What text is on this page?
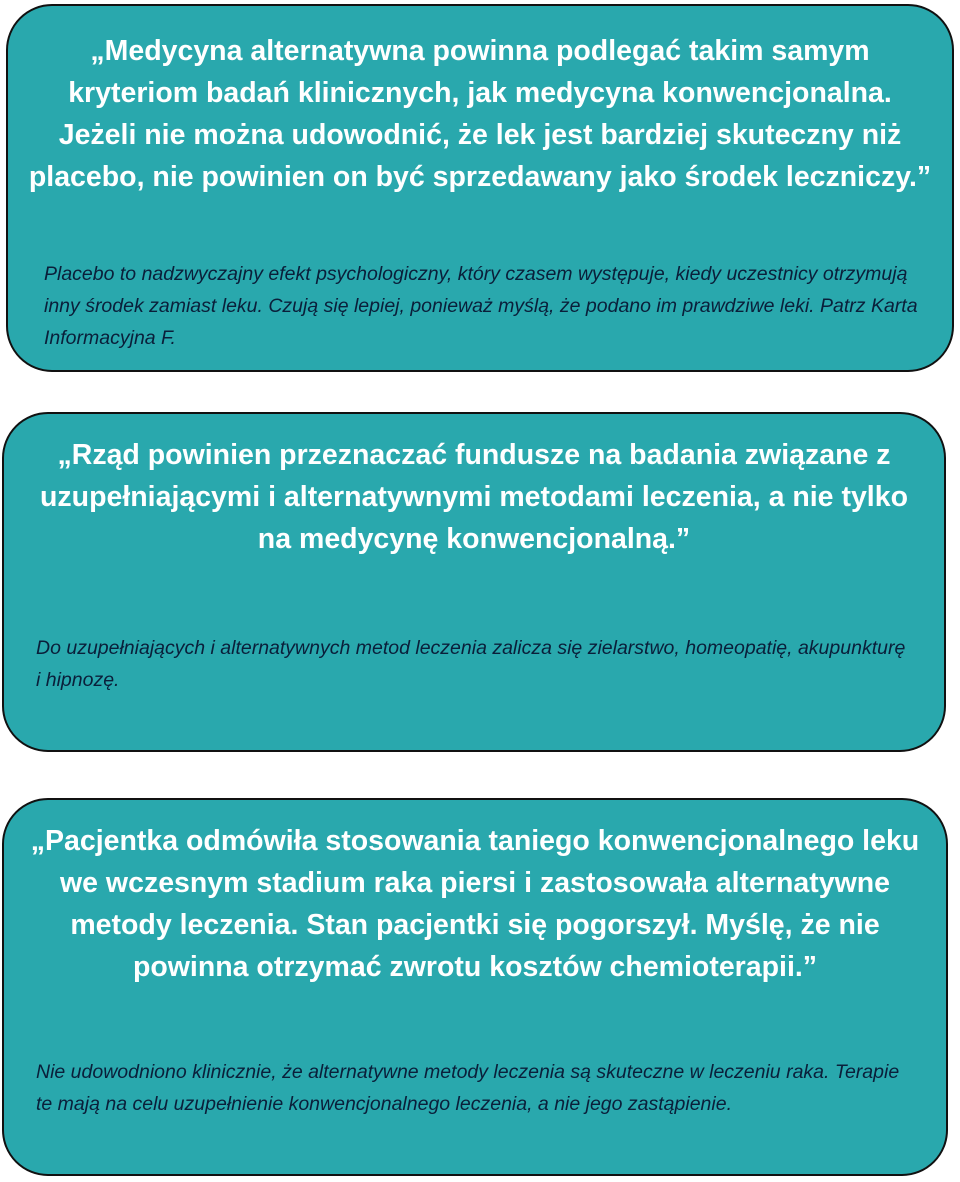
„Medycyna alternatywna powinna podlegać takim samym kryteriom badań klinicznych, jak medycyna konwencjonalna. Jeżeli nie można udowodnić, że lek jest bardziej skuteczny niż placebo, nie powinien on być sprzedawany jako środek leczniczy.”

Placebo to nadzwyczajny efekt psychologiczny, który czasem występuje, kiedy uczestnicy otrzymują inny środek zamiast leku. Czują się lepiej, ponieważ myślą, że podano im prawdziwe leki. Patrz Karta Informacyjna F.

„Rząd powinien przeznaczać fundusze na badania związane z uzupełniającymi i alternatywnymi metodami leczenia, a nie tylko na medycynę konwencjonalną.”

Do uzupełniających i alternatywnych metod leczenia zalicza się zielarstwo, homeopatię, akupunkturę i hipnozę.

„Pacjentka odmówiła stosowania taniego konwencjonalnego leku we wczesnym stadium raka piersi i zastosowała alternatywne metody leczenia. Stan pacjentki się pogorszył. Myślę, że nie powinna otrzymać zwrotu kosztów chemioterapii.”

Nie udowodniono klinicznie, że alternatywne metody leczenia są skuteczne w leczeniu raka. Terapie te mają na celu uzupełnienie konwencjonalnego leczenia, a nie jego zastąpienie.
